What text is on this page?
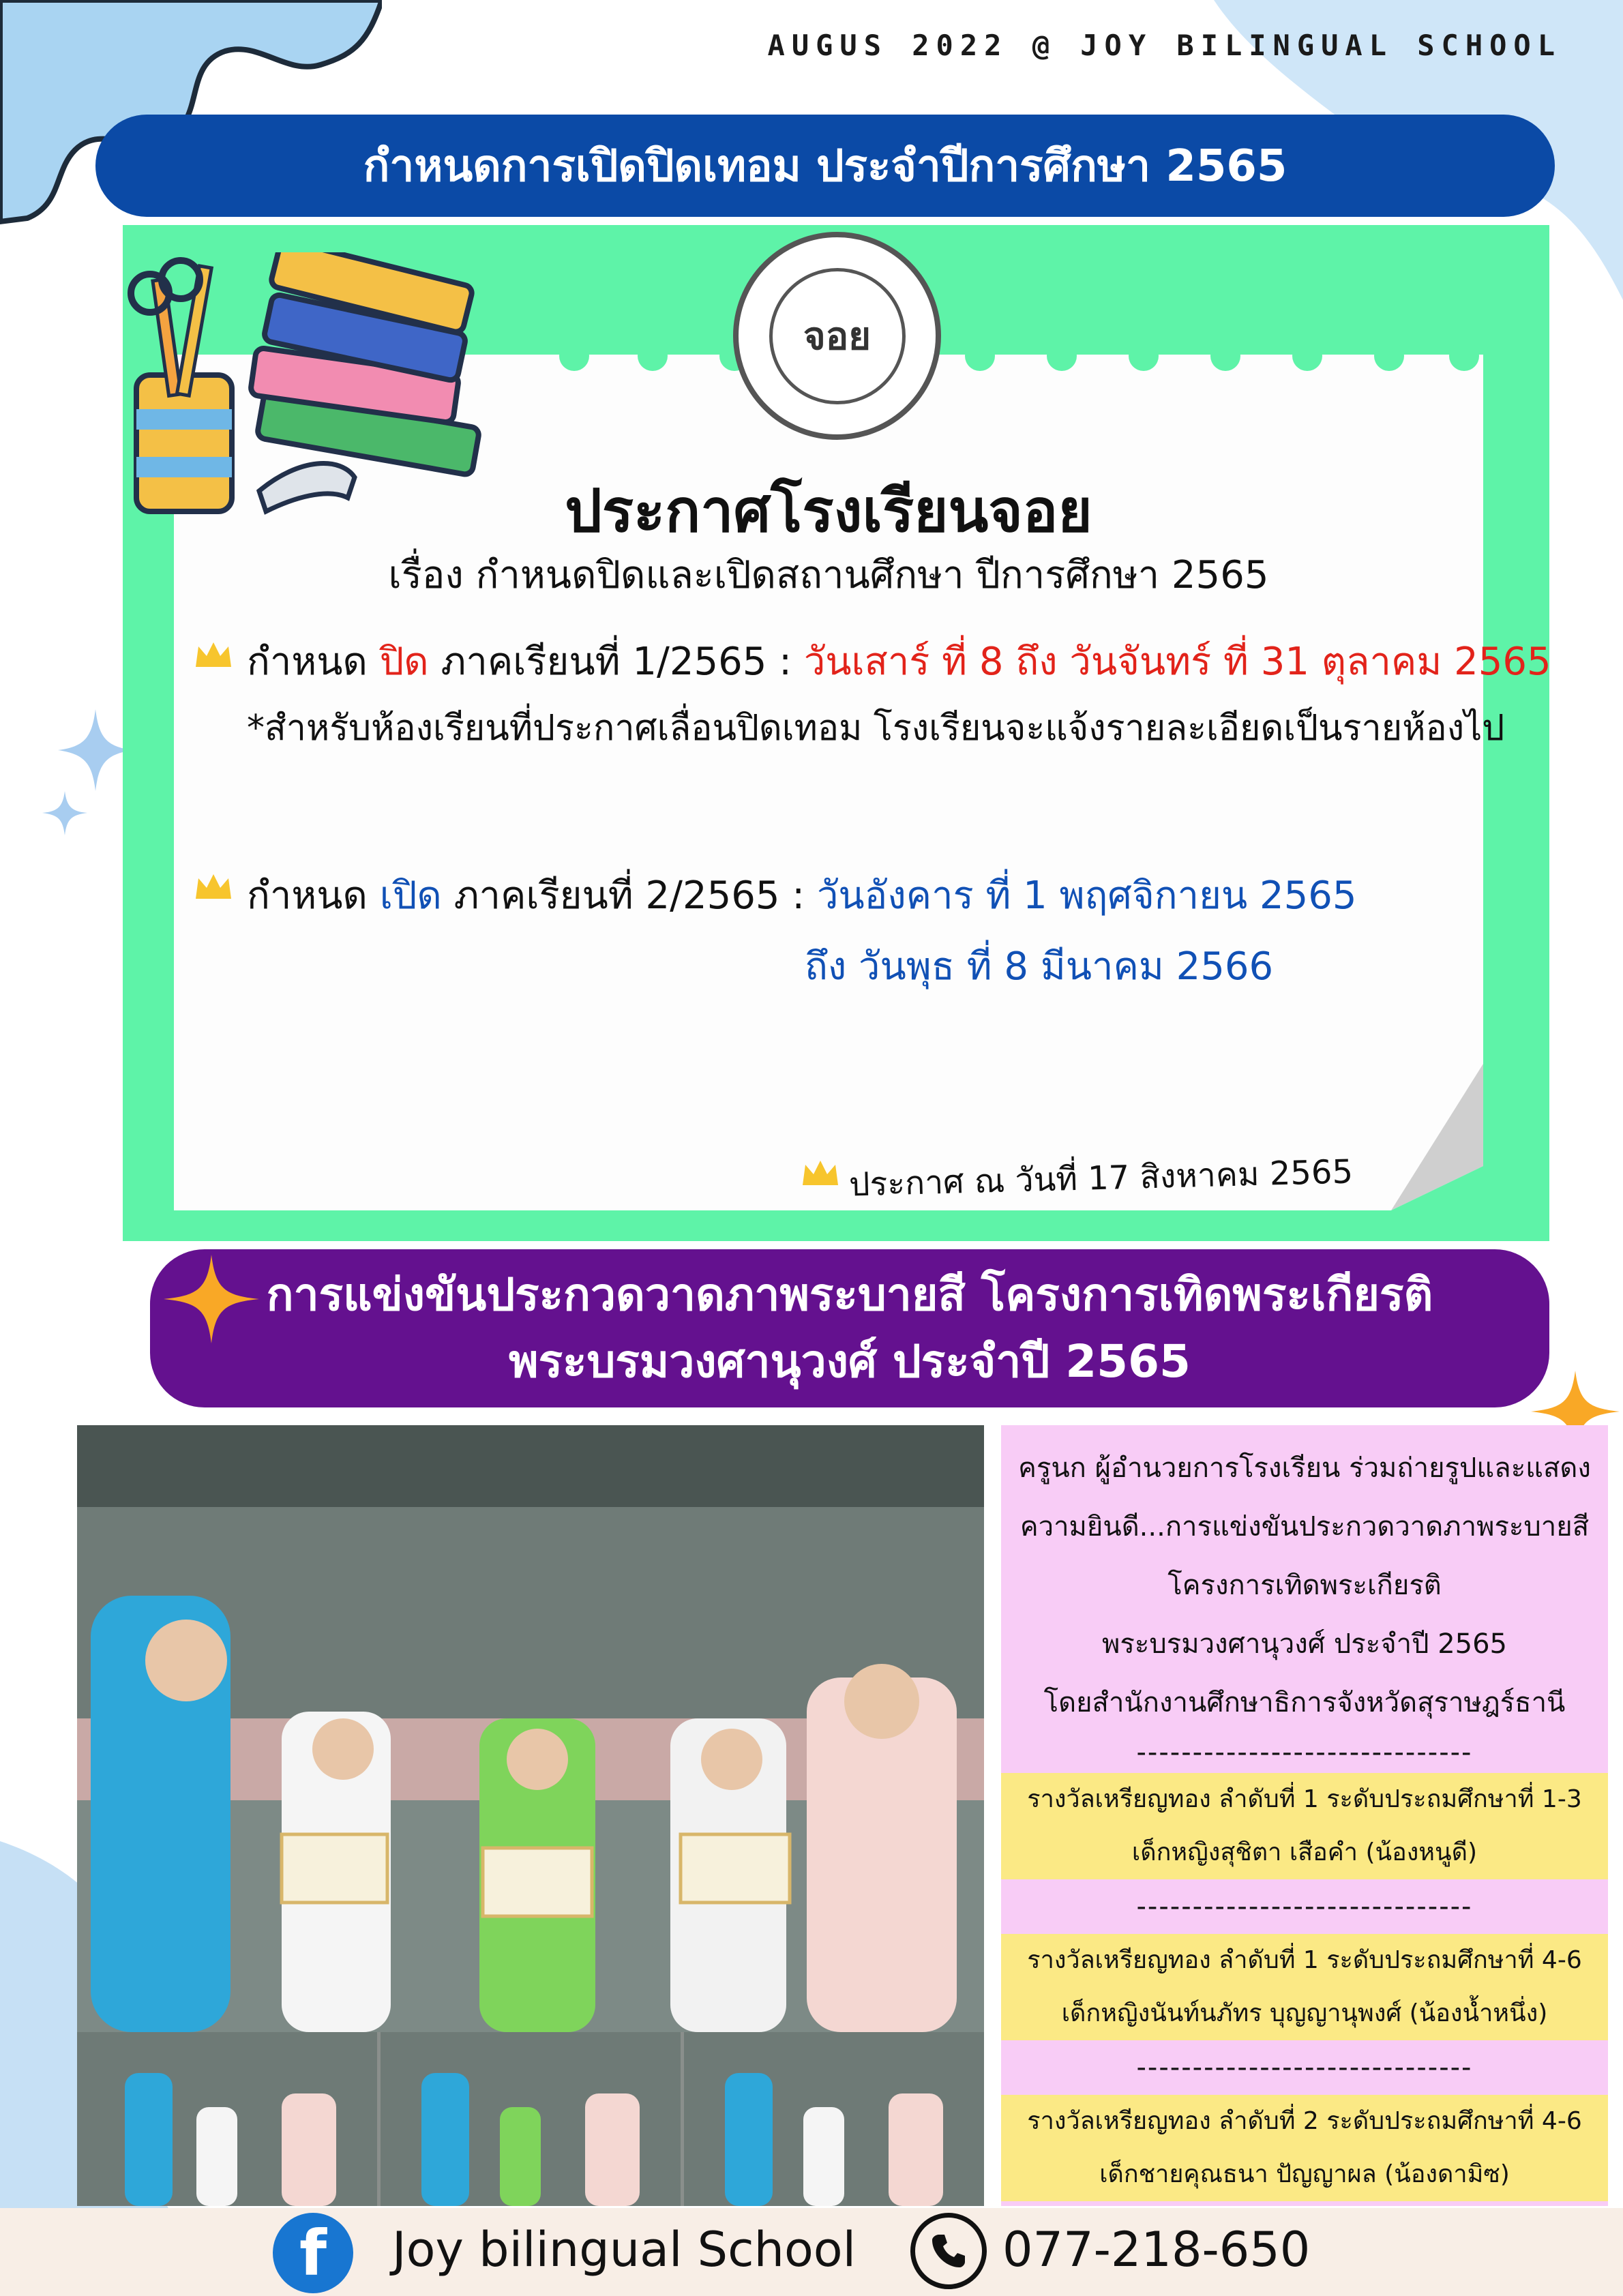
AUGUS 2022 @ JOY BILINGUAL SCHOOL
กำหนดการเปิดปิดเทอม ประจำปีการศึกษา 2565
จอย
ประกาศโรงเรียนจอย
เรื่อง กำหนดปิดและเปิดสถานศึกษา ปีการศึกษา 2565
กำหนด ปิด ภาคเรียนที่ 1/2565 : วันเสาร์ ที่ 8 ถึง วันจันทร์ ที่ 31 ตุลาคม 2565
*สำหรับห้องเรียนที่ประกาศเลื่อนปิดเทอม โรงเรียนจะแจ้งรายละเอียดเป็นรายห้องไป
กำหนด เปิด ภาคเรียนที่ 2/2565 : วันอังคาร ที่ 1 พฤศจิกายน 2565
ถึง วันพุธ ที่ 8 มีนาคม 2566
ประกาศ ณ วันที่ 17 สิงหาคม 2565
การแข่งขันประกวดวาดภาพระบายสี โครงการเทิดพระเกียรติ
พระบรมวงศานุวงศ์ ประจำปี 2565
ครูนก ผู้อำนวยการโรงเรียน ร่วมถ่ายรูปและแสดง
ความยินดี...การแข่งขันประกวดวาดภาพระบายสี
โครงการเทิดพระเกียรติ
พระบรมวงศานุวงศ์ ประจำปี 2565
โดยสำนักงานศึกษาธิการจังหวัดสุราษฎร์ธานี
------------------------------
รางวัลเหรียญทอง ลำดับที่ 1 ระดับประถมศึกษาที่ 1-3
เด็กหญิงสุชิตา เสือคำ (น้องหนูดี)
------------------------------
รางวัลเหรียญทอง ลำดับที่ 1 ระดับประถมศึกษาที่ 4-6
เด็กหญิงนันท์นภัทร บุญญานุพงศ์ (น้องน้ำหนึ่ง)
------------------------------
รางวัลเหรียญทอง ลำดับที่ 2 ระดับประถมศึกษาที่ 4-6
เด็กชายคุณธนา ปัญญาผล (น้องดามิซ)
f	Joy bilingual School	077-218-650
